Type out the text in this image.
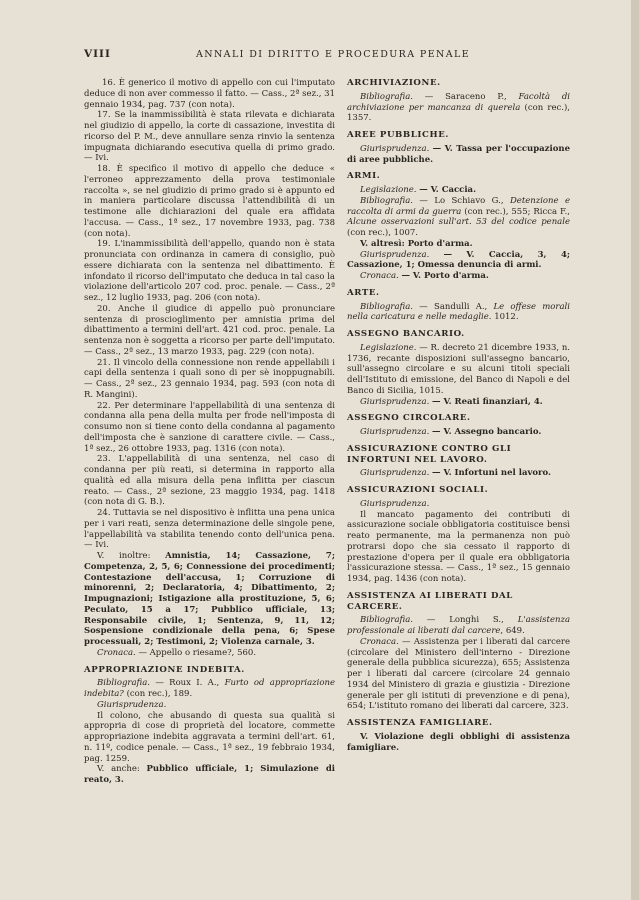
VIII	ANNALI DI DIRITTO E PROCEDURA PENALE

16. È generico il motivo di appello con cui l'imputato deduce di non aver commesso il fatto. — Cass., 2ª sez., 31 gennaio 1934, pag. 737 (con nota).

17. Se la inammissibilità è stata rilevata e dichiarata nel giudizio di appello, la corte di cassazione, investita di ricorso del P. M., deve annullare senza rinvio la sentenza impugnata dichiarando esecutiva quella di primo grado. — Ivi.

18. È specifico il motivo di appello che deduce « l'erroneo apprezzamento della prova testimoniale raccolta », se nel giudizio di primo grado si è appunto ed in maniera particolare discussa l'attendibilità di un testimone alle dichiarazioni del quale era affidata l'accusa. — Cass., 1ª sez., 17 novembre 1933, pag. 738 (con nota).

19. L'inammissibilità dell'appello, quando non è stata pronunciata con ordinanza in camera di consiglio, può essere dichiarata con la sentenza nel dibattimento. È infondato il ricorso dell'imputato che deduca in tal caso la violazione dell'articolo 207 cod. proc. penale. — Cass., 2ª sez., 12 luglio 1933, pag. 206 (con nota).

20. Anche il giudice di appello può pronunciare sentenza di proscioglimento per amnistia prima del dibattimento a termini dell'art. 421 cod. proc. penale. La sentenza non è soggetta a ricorso per parte dell'imputato. — Cass., 2ª sez., 13 marzo 1933, pag. 229 (con nota).

21. Il vincolo della connessione non rende appellabili i capi della sentenza i quali sono di per sè inoppugnabili. — Cass., 2ª sez., 23 gennaio 1934, pag. 593 (con nota di R. Mangini).

22. Per determinare l'appellabilità di una sentenza di condanna alla pena della multa per frode nell'imposta di consumo non si tiene conto della condanna al pagamento dell'imposta che è sanzione di carattere civile. — Cass., 1ª sez., 26 ottobre 1933, pag. 1316 (con nota).

23. L'appellabilità di una sentenza, nel caso di condanna per più reati, si determina in rapporto alla qualità ed alla misura della pena inflitta per ciascun reato. — Cass., 2ª sezione, 23 maggio 1934, pag. 1418 (con nota di G. B.).

24. Tuttavia se nel dispositivo è inflitta una pena unica per i vari reati, senza determinazione delle singole pene, l'appellabilità va stabilita tenendo conto dell'unica pena. — Ivi.

V. inoltre: Amnistia, 14; Cassazione, 7; Competenza, 2, 5, 6; Connessione dei procedimenti; Contestazione dell'accusa, 1; Corruzione di minorenni, 2; Declaratoria, 4; Dibattimento, 2; Impugnazioni; Istigazione alla prostituzione, 5, 6; Peculato, 15 a 17; Pubblico ufficiale, 13; Responsabile civile, 1; Sentenza, 9, 11, 12; Sospensione condizionale della pena, 6; Spese processuali, 2; Testimoni, 2; Violenza carnale, 3.

Cronaca. — Appello o riesame?, 560.

APPROPRIAZIONE INDEBITA.

Bibliografia. — Roux I. A., Furto od appropriazione indebita? (con rec.), 189.

Giurisprudenza.

Il colono, che abusando di questa sua qualità si appropria di cose di proprietà del locatore, commette appropriazione indebita aggravata a termini dell'art. 61, n. 11º, codice penale. — Cass., 1ª sez., 19 febbraio 1934, pag. 1259.

V. anche: Pubblico ufficiale, 1; Simulazione di reato, 3.

ARCHIVIAZIONE.

Bibliografia. — Saraceno P., Facoltà di archiviazione per mancanza di querela (con rec.), 1357.

AREE PUBBLICHE.

Giurisprudenza. — V. Tassa per l'occupazione di aree pubbliche.

ARMI.

Legislazione. — V. Caccia.

Bibliografia. — Lo Schiavo G., Detenzione e raccolta di armi da guerra (con rec.), 555; Ricca F., Alcune osservazioni sull'art. 53 del codice penale (con rec.), 1007.

V. altresì: Porto d'arma.

Giurisprudenza. — V. Caccia, 3, 4; Cassazione, 1; Omessa denuncia di armi.

Cronaca. — V. Porto d'arma.

ARTE.

Bibliografia. — Sandulli A., Le offese morali nella caricatura e nelle medaglie. 1012.

ASSEGNO BANCARIO.

Legislazione. — R. decreto 21 dicembre 1933, n. 1736, recante disposizioni sull'assegno bancario, sull'assegno circolare e su alcuni titoli speciali dell'Istituto di emissione, del Banco di Napoli e del Banco di Sicilia, 1015.

Giurisprudenza. — V. Reati finanziari, 4.

ASSEGNO CIRCOLARE.

Giurisprudenza. — V. Assegno bancario.

ASSICURAZIONE CONTRO GLI INFORTUNI NEL LAVORO.

Giurisprudenza. — V. Infortuni nel lavoro.

ASSICURAZIONI SOCIALI.

Giurisprudenza.

Il mancato pagamento dei contributi di assicurazione sociale obbligatoria costituisce bensì reato permanente, ma la permanenza non può protrarsi dopo che sia cessato il rapporto di prestazione d'opera per il quale era obbligatoria l'assicurazione stessa. — Cass., 1ª sez., 15 gennaio 1934, pag. 1436 (con nota).

ASSISTENZA AI LIBERATI DAL CARCERE.

Bibliografia. — Longhi S., L'assistenza professionale ai liberati dal carcere, 649.

Cronaca. — Assistenza per i liberati dal carcere (circolare del Ministero dell'interno - Direzione generale della pubblica sicurezza), 655; Assistenza per i liberati dal carcere (circolare 24 gennaio 1934 del Ministero di grazia e giustizia - Direzione generale per gli istituti di prevenzione e di pena), 654; L'istituto romano dei liberati dal carcere, 323.

ASSISTENZA FAMIGLIARE.

V. Violazione degli obblighi di assistenza famigliare.
